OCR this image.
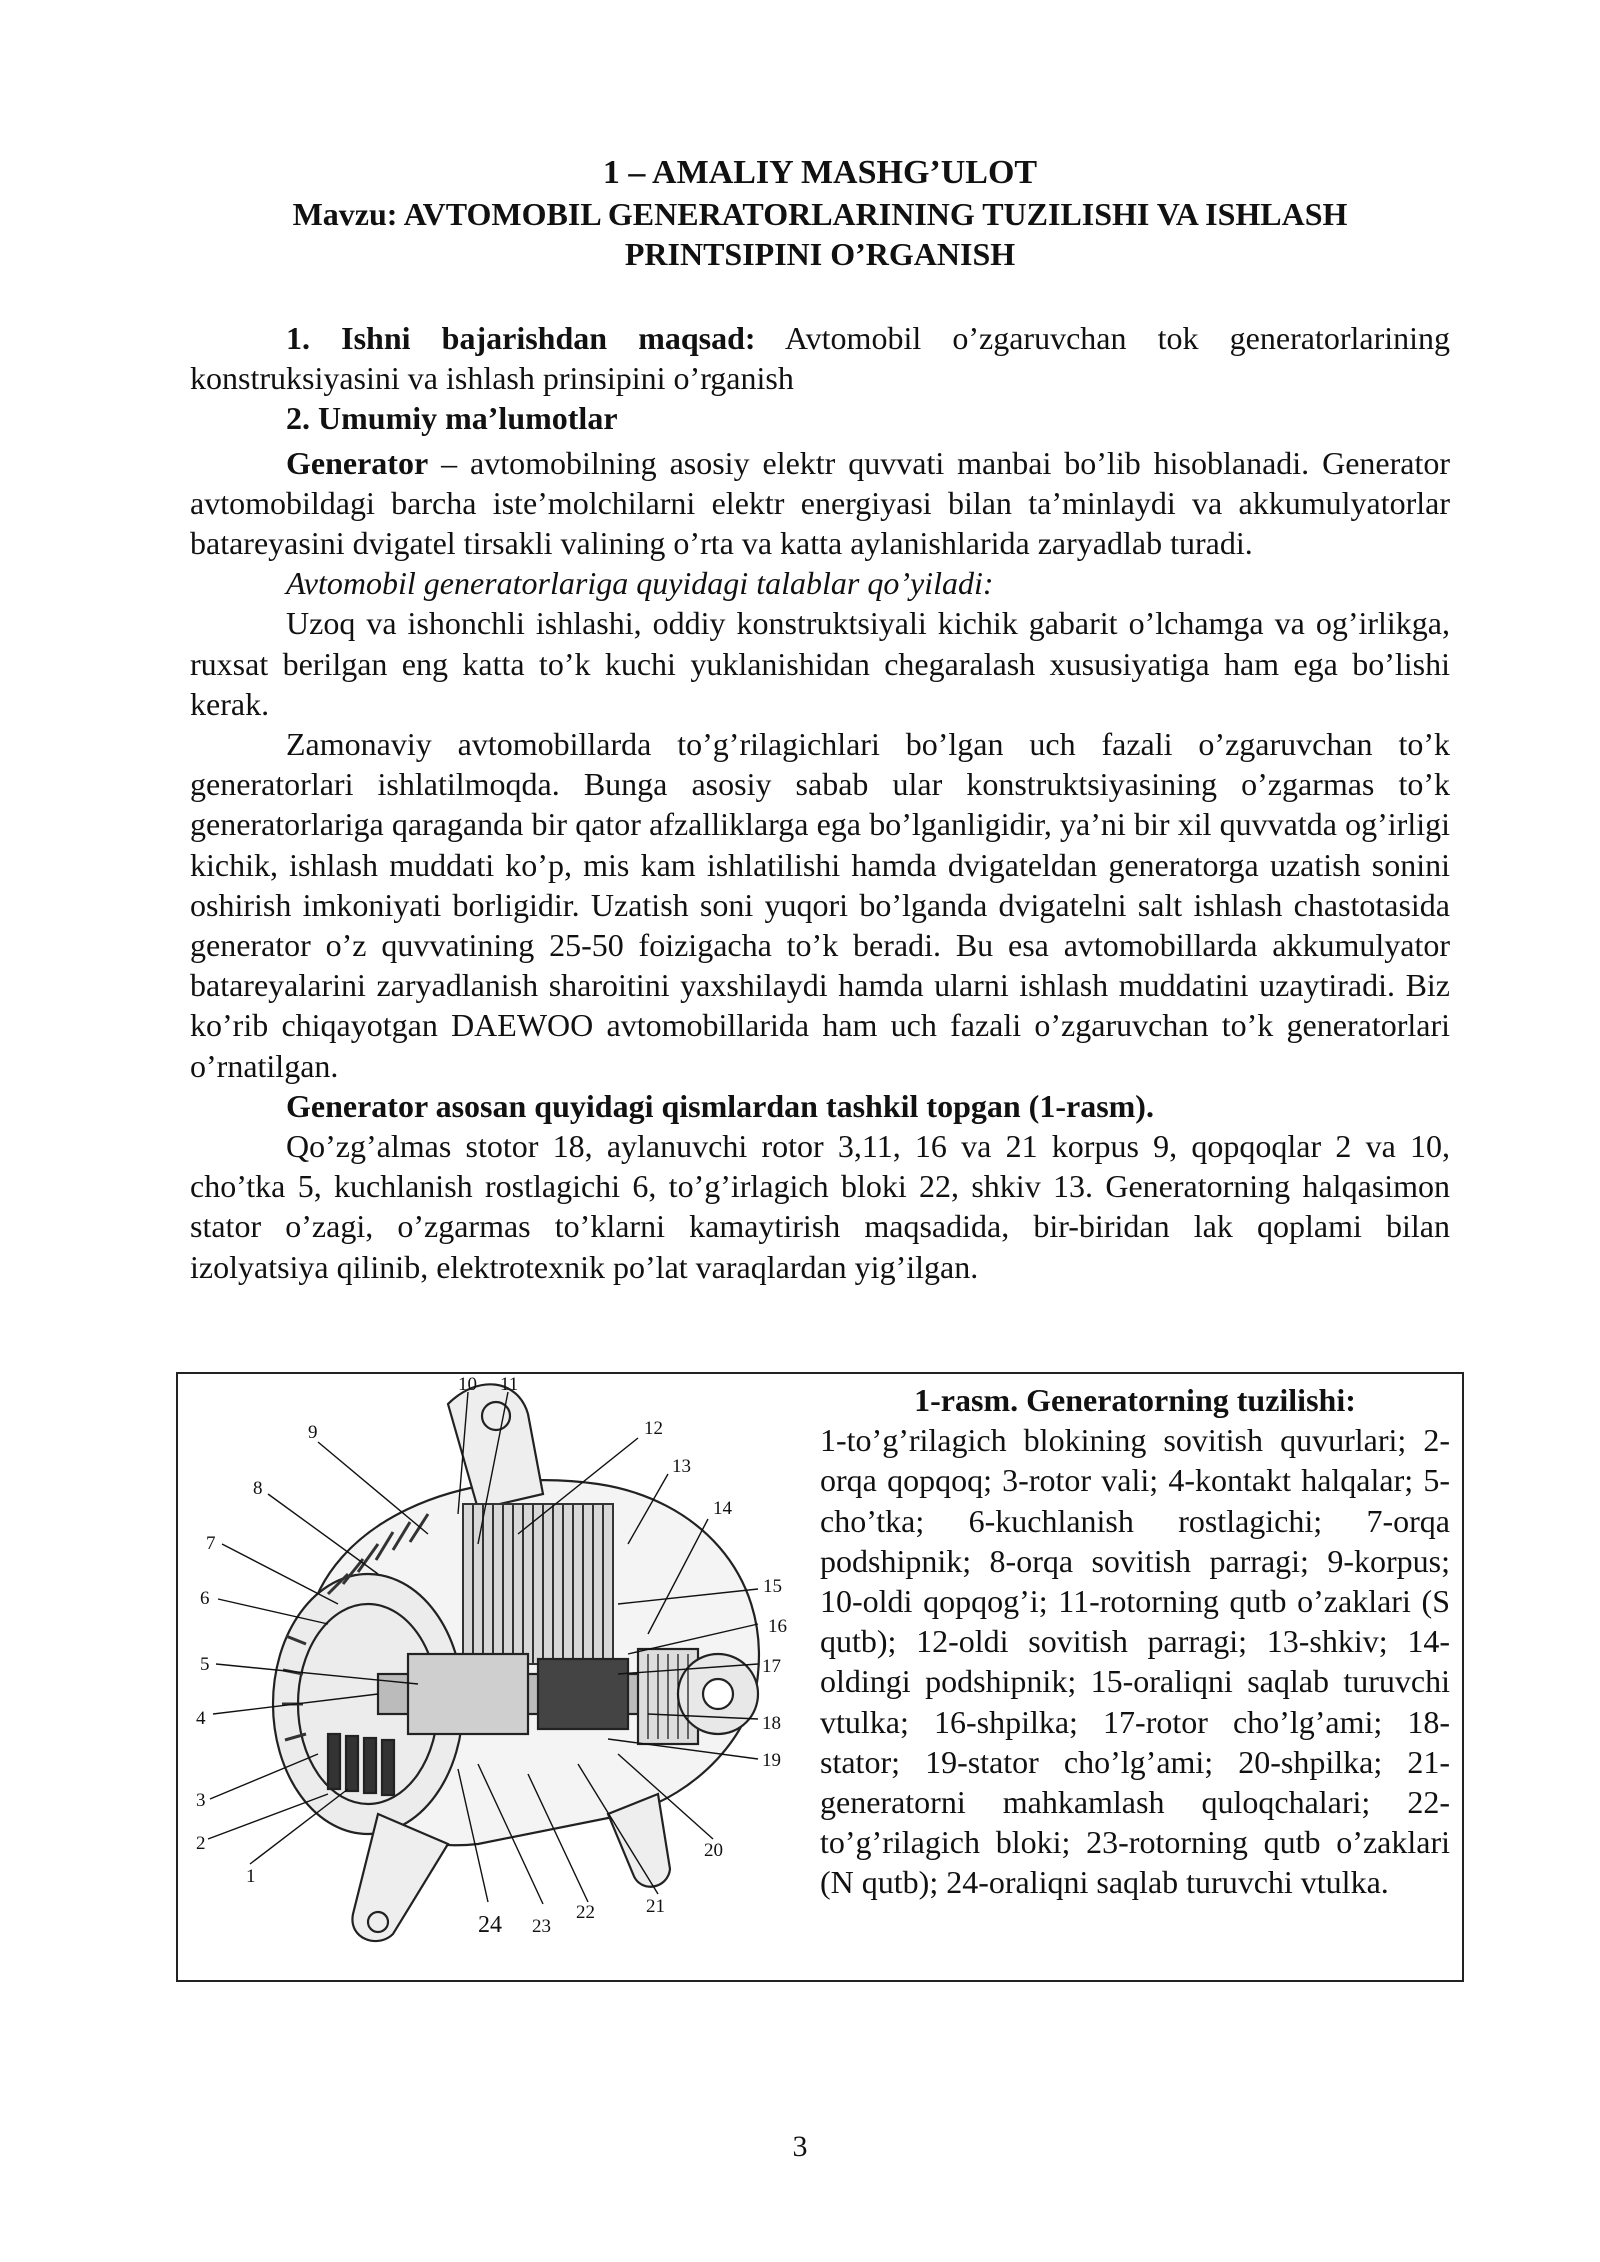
1 – AMALIY MASHG’ULOT
Mavzu: AVTOMOBIL GENERATORLARINING TUZILISHI VA ISHLASH PRINTSIPINI O’RGANISH

1. Ishni bajarishdan maqsad: Avtomobil o’zgaruvchan tok generatorlarining konstruksiyasini va ishlash prinsipini o’rganish

2. Umumiy ma’lumotlar

Generator – avtomobilning asosiy elektr quvvati manbai bo’lib hisoblanadi. Generator avtomobildagi barcha iste’molchilarni elektr energiyasi bilan ta’minlaydi va akkumulyatorlar batareyasini dvigatel tirsakli valining o’rta va katta aylanishlarida zaryadlab turadi.

Avtomobil generatorlariga quyidagi talablar qo’yiladi:

Uzoq va ishonchli ishlashi, oddiy konstruktsiyali kichik gabarit o’lchamga va og’irlikga, ruxsat berilgan eng katta to’k kuchi yuklanishidan chegaralash xususiyatiga ham ega bo’lishi kerak.

Zamonaviy avtomobillarda to’g’rilagichlari bo’lgan uch fazali o’zgaruvchan to’k generatorlari ishlatilmoqda. Bunga asosiy sabab ular konstruktsiyasining o’zgarmas to’k generatorlariga qaraganda bir qator afzalliklarga ega bo’lganligidir, ya’ni bir xil quvvatda og’irligi kichik, ishlash muddati ko’p, mis kam ishlatilishi hamda dvigateldan generatorga uzatish sonini oshirish imkoniyati borligidir. Uzatish soni yuqori bo’lganda dvigatelni salt ishlash chastotasida generator o’z quvvatining 25-50 foizigacha to’k beradi. Bu esa avtomobillarda akkumulyator batareyalarini zaryadlanish sharoitini yaxshilaydi hamda ularni ishlash muddatini uzaytiradi. Biz ko’rib chiqayotgan DAEWOO avtomobillarida ham uch fazali o’zgaruvchan to’k generatorlari o’rnatilgan.

Generator asosan quyidagi qismlardan tashkil topgan (1-rasm).

Qo’zg’almas stotor 18, aylanuvchi rotor 3,11, 16 va 21 korpus 9, qopqoqlar 2 va 10, cho’tka 5, kuchlanish rostlagichi 6, to’g’irlagich bloki 22, shkiv 13. Generatorning halqasimon stator o’zagi, o’zgarmas to’klarni kamaytirish maqsadida, bir-biridan lak qoplami bilan izolyatsiya qilinib, elektrotexnik po’lat varaqlardan yig’ilgan.

1
2
3
4
5
6
7
8
9
10 11
12
13
14
15
16
17
18
19
20
21
22
23
24
1-rasm. Generatorning tuzilishi:
1-to’g’rilagich blokining sovitish quvurlari; 2-orqa qopqoq; 3-rotor vali; 4-kontakt halqalar; 5-cho’tka; 6-kuchlanish rostlagichi; 7-orqa podshipnik; 8-orqa sovitish parragi; 9-korpus; 10-oldi qopqog’i; 11-rotorning qutb o’zaklari (S qutb); 12-oldi sovitish parragi; 13-shkiv; 14-oldingi podshipnik; 15-oraliqni saqlab turuvchi vtulka; 16-shpilka; 17-rotor cho’lg’ami; 18-stator; 19-stator cho’lg’ami; 20-shpilka; 21-generatorni mahkamlash quloqchalari; 22-to’g’rilagich bloki; 23-rotorning qutb o’zaklari (N qutb); 24-oraliqni saqlab turuvchi vtulka.
3
